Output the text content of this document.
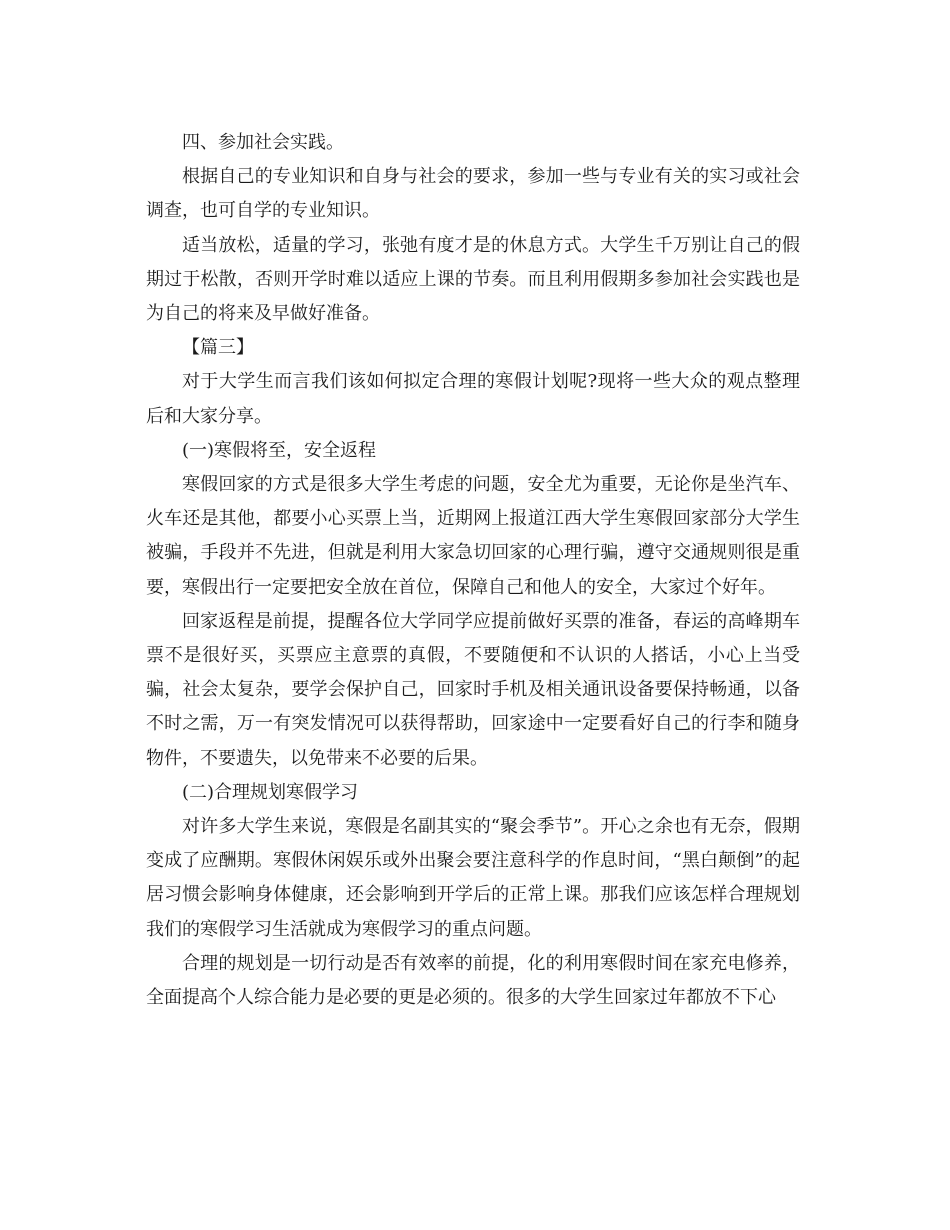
四、参加社会实践。

根据自己的专业知识和自身与社会的要求，参加一些与专业有关的实习或社会调查，也可自学的专业知识。

适当放松，适量的学习，张弛有度才是的休息方式。大学生千万别让自己的假期过于松散，否则开学时难以适应上课的节奏。而且利用假期多参加社会实践也是为自己的将来及早做好准备。

【篇三】

对于大学生而言我们该如何拟定合理的寒假计划呢?现将一些大众的观点整理后和大家分享。

(一)寒假将至，安全返程

寒假回家的方式是很多大学生考虑的问题，安全尤为重要，无论你是坐汽车、火车还是其他，都要小心买票上当，近期网上报道江西大学生寒假回家部分大学生被骗，手段并不先进，但就是利用大家急切回家的心理行骗，遵守交通规则很是重要，寒假出行一定要把安全放在首位，保障自己和他人的安全，大家过个好年。

回家返程是前提，提醒各位大学同学应提前做好买票的准备，春运的高峰期车票不是很好买，买票应主意票的真假，不要随便和不认识的人搭话，小心上当受骗，社会太复杂，要学会保护自己，回家时手机及相关通讯设备要保持畅通，以备不时之需，万一有突发情况可以获得帮助，回家途中一定要看好自己的行李和随身物件，不要遗失，以免带来不必要的后果。

(二)合理规划寒假学习

对许多大学生来说，寒假是名副其实的“聚会季节”。开心之余也有无奈，假期变成了应酬期。寒假休闲娱乐或外出聚会要注意科学的作息时间，“黑白颠倒”的起居习惯会影响身体健康，还会影响到开学后的正常上课。那我们应该怎样合理规划我们的寒假学习生活就成为寒假学习的重点问题。

合理的规划是一切行动是否有效率的前提，化的利用寒假时间在家充电修养，全面提高个人综合能力是必要的更是必须的。很多的大学生回家过年都放不下心
